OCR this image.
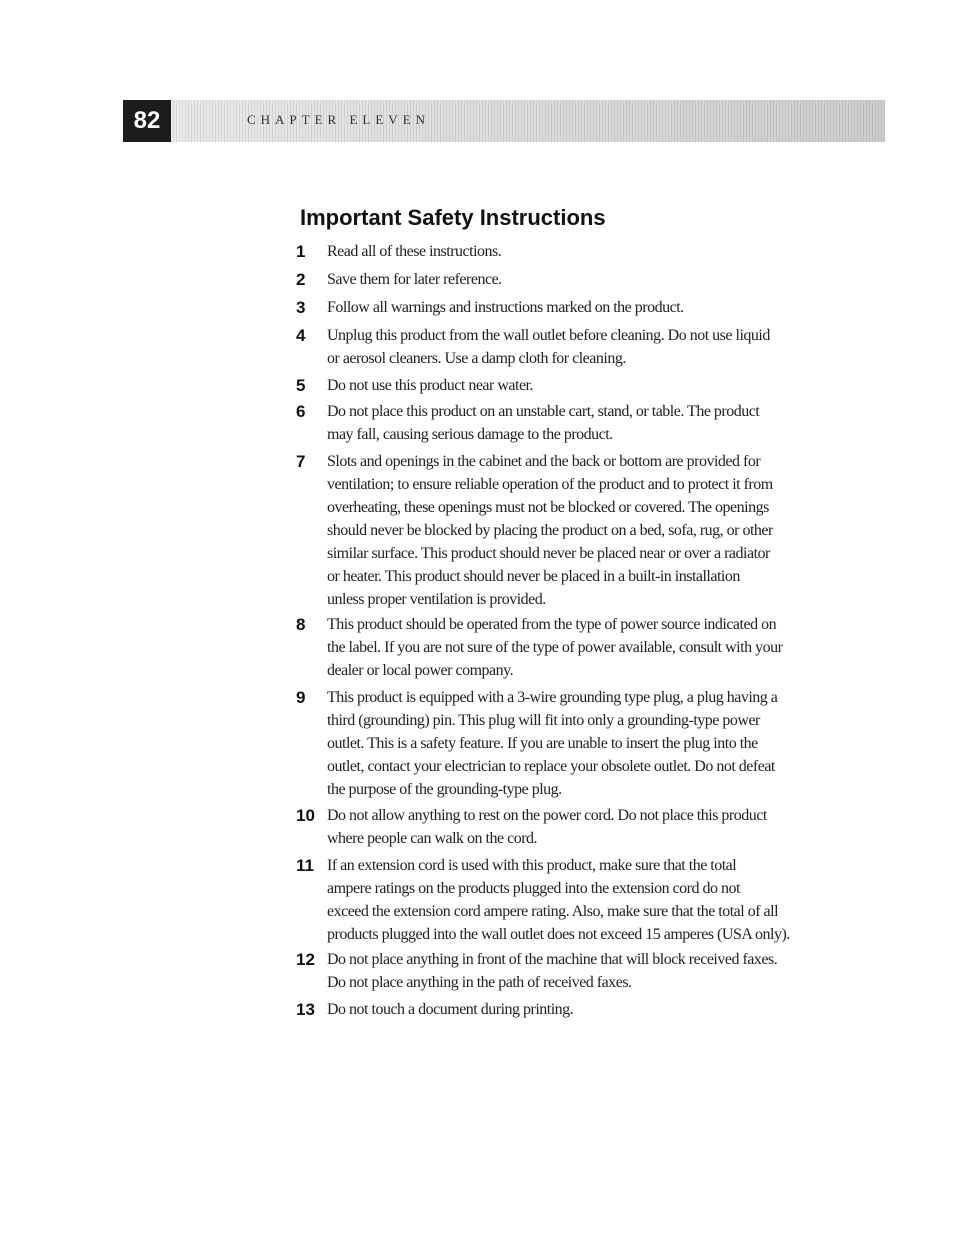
82	CHAPTER ELEVEN
Important Safety Instructions
1	Read all of these instructions.
2	Save them for later reference.
3	Follow all warnings and instructions marked on the product.
4	Unplug this product from the wall outlet before cleaning. Do not use liquid
or aerosol cleaners. Use a damp cloth for cleaning.
5	Do not use this product near water.
6	Do not place this product on an unstable cart, stand, or table. The product
may fall, causing serious damage to the product.
7	Slots and openings in the cabinet and the back or bottom are provided for
ventilation; to ensure reliable operation of the product and to protect it from
overheating, these openings must not be blocked or covered. The openings
should never be blocked by placing the product on a bed, sofa, rug, or other
similar surface. This product should never be placed near or over a radiator
or heater. This product should never be placed in a built-in installation
unless proper ventilation is provided.
8	This product should be operated from the type of power source indicated on
the label. If you are not sure of the type of power available, consult with your
dealer or local power company.
9	This product is equipped with a 3-wire grounding type plug, a plug having a
third (grounding) pin. This plug will fit into only a grounding-type power
outlet. This is a safety feature. If you are unable to insert the plug into the
outlet, contact your electrician to replace your obsolete outlet. Do not defeat
the purpose of the grounding-type plug.
10 Do not allow anything to rest on the power cord. Do not place this product
where people can walk on the cord.
11 If an extension cord is used with this product, make sure that the total
ampere ratings on the products plugged into the extension cord do not
exceed the extension cord ampere rating. Also, make sure that the total of all
products plugged into the wall outlet does not exceed 15 amperes (USA only).
12 Do not place anything in front of the machine that will block received faxes.
Do not place anything in the path of received faxes.
13 Do not touch a document during printing.
